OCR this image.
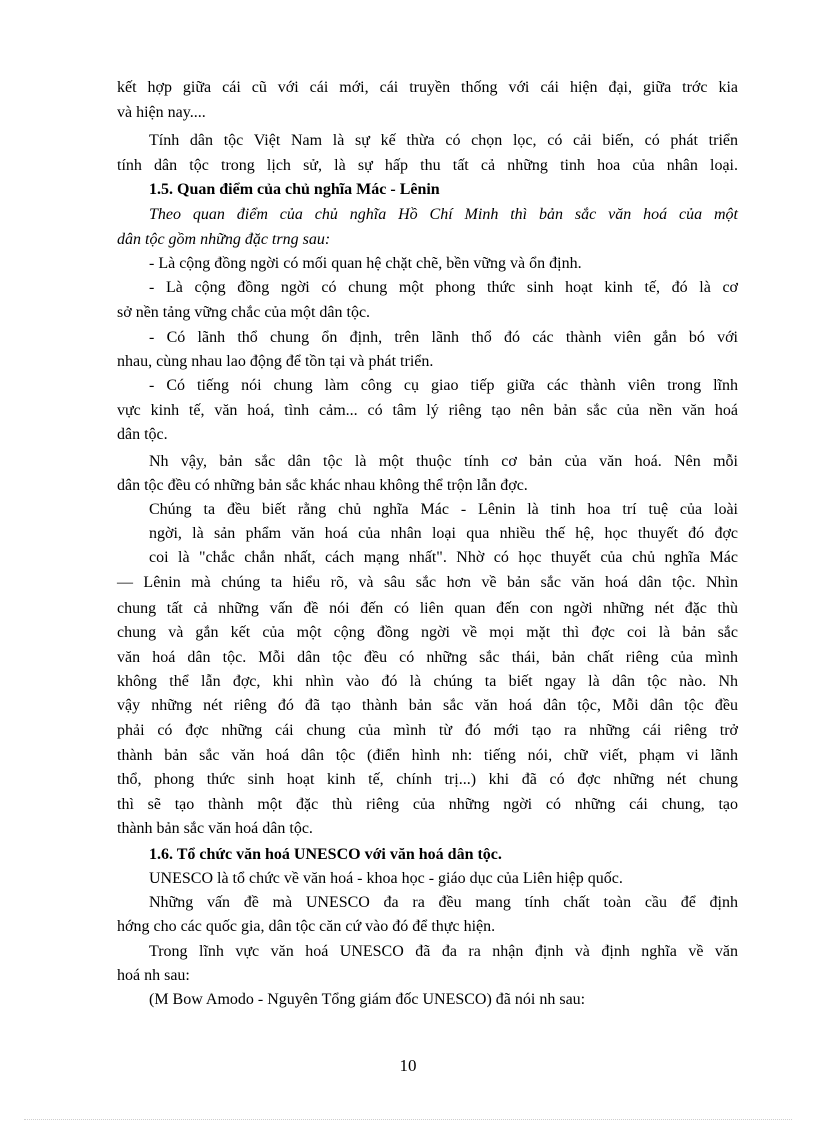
kết hợp giữa cái cũ với cái mới, cái truyền thống với cái hiện đại, giữa trớc kia
và hiện nay....
Tính dân tộc Việt Nam là sự kế thừa có chọn lọc, có cải biến, có phát triển
tính dân tộc trong lịch sử, là sự hấp thu tất cả những tinh hoa của nhân loại.
1.5. Quan điểm của chủ nghĩa Mác - Lênin
Theo quan điểm của chủ nghĩa Hồ Chí Minh thì bản sắc văn hoá của một
dân tộc gồm những đặc trng sau:
- Là cộng đồng ngời có mối quan hệ chặt chẽ, bền vững và ổn định.
- Là cộng đồng ngời có chung một phong thức sinh hoạt kinh tế, đó là cơ
sở nền tảng vững chắc của một dân tộc.
- Có lãnh thổ chung ổn định, trên lãnh thổ đó các thành viên gắn bó với
nhau, cùng nhau lao động để tồn tại và phát triển.
- Có tiếng nói chung làm công cụ giao tiếp giữa các thành viên trong lĩnh
vực kinh tế, văn hoá, tình cảm... có tâm lý riêng tạo nên bản sắc của nền văn hoá
dân tộc.
Nh vậy, bản sắc dân tộc là một thuộc tính cơ bản của văn hoá. Nên mỗi
dân tộc đều có những bản sắc khác nhau không thể trộn lẫn đợc.
Chúng ta đều biết rằng chủ nghĩa Mác - Lênin là tinh hoa trí tuệ của loài
ngời, là sản phẩm văn hoá của nhân loại qua nhiều thế hệ, học thuyết đó đợc
coi là "chắc chắn nhất, cách mạng nhất". Nhờ có học thuyết của chủ nghĩa Mác
— Lênin mà chúng ta hiểu rõ, và sâu sắc hơn về bản sắc văn hoá dân tộc. Nhìn
chung tất cả những vấn đề nói đến có liên quan đến con ngời những nét đặc thù
chung và gắn kết của một cộng đồng ngời về mọi mặt thì đợc coi là bản sắc
văn hoá dân tộc. Mỗi dân tộc đều có những sắc thái, bản chất riêng của mình
không thể lẫn đợc, khi nhìn vào đó là chúng ta biết ngay là dân tộc nào. Nh
vậy những nét riêng đó đã tạo thành bản sắc văn hoá dân tộc, Mỗi dân tộc đều
phải có đợc những cái chung của mình từ đó mới tạo ra những cái riêng trở
thành bản sắc văn hoá dân tộc (điển hình nh: tiếng nói, chữ viết, phạm vi lãnh
thổ, phong thức sinh hoạt kinh tế, chính trị...) khi đã có đợc những nét chung
thì sẽ tạo thành một đặc thù riêng của những ngời có những cái chung, tạo
thành bản sắc văn hoá dân tộc.
1.6. Tổ chức văn hoá UNESCO với văn hoá dân tộc.
UNESCO là tổ chức về văn hoá - khoa học - giáo dục của Liên hiệp quốc.
Những vấn đề mà UNESCO đa ra đều mang tính chất toàn cầu để định
hớng cho các quốc gia, dân tộc căn cứ vào đó để thực hiện.
Trong lĩnh vực văn hoá UNESCO đã đa ra nhận định và định nghĩa về văn
hoá nh sau:
(M Bow Amodo - Nguyên Tổng giám đốc UNESCO) đã nói nh sau:
10
